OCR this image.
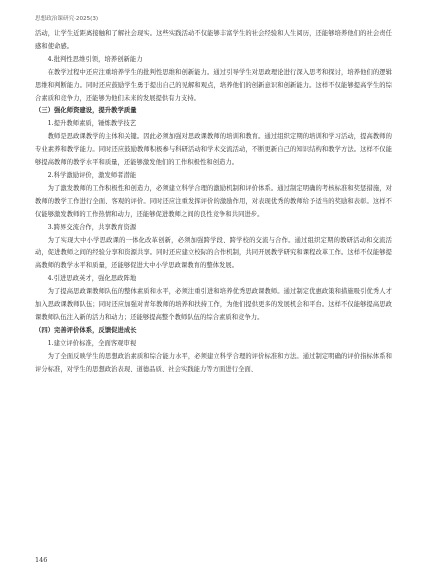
思想政治课研究·2025(3)

活动，让学生近距离接触和了解社会现实。这些实践活动不仅能够丰富学生的社会经验和人生阅历，还能够培养他们的社会责任感和使命感。

4.批判性思维引领，培养创新能力

在教学过程中还应注重培养学生的批判性思维和创新能力。通过引导学生对思政理论进行深入思考和探讨，培养他们的逻辑思维和判断能力。同时还应鼓励学生勇于提出自己的见解和观点，培养他们的创新意识和创新能力。这样不仅能够提高学生的综合素质和竞争力，还能够为他们未来的发展提供有力支持。

（三）强化师资建设，提升教学质量

1.提升教师素质，锤炼教学技艺

教师是思政课教学的主体和关键。因此必须加强对思政课教师的培训和教育。通过组织定期的培训和学习活动，提高教师的专业素养和教学能力。同时还应鼓励教师积极参与科研活动和学术交流活动，不断更新自己的知识结构和教学方法。这样不仅能够提高教师的教学水平和质量，还能够激发他们的工作积极性和创造力。

2.科学激励评价，激发师者潜能

为了激发教师的工作积极性和创造力，必须建立科学合理的激励机制和评价体系。通过制定明确的考核标准和奖惩措施，对教师的教学工作进行全面、客观的评价。同时还应注重发挥评价的激励作用，对表现优秀的教师给予适当的奖励和表彰。这样不仅能够激发教师的工作热情和动力，还能够促进教师之间的良性竞争和共同进步。

3.跨界交流合作，共享教育资源

为了实现大中小学思政课的一体化改革创新，必须加强跨学段、跨学校的交流与合作。通过组织定期的教研活动和交流活动，促进教师之间的经验分享和资源共享。同时还应建立校际的合作机制，共同开展教学研究和课程改革工作。这样不仅能够提高教师的教学水平和质量，还能够促进大中小学思政课教育的整体发展。

4.引进思政英才，强化思政阵地

为了提高思政课教师队伍的整体素质和水平，必须注重引进和培养优秀思政课教师。通过制定优惠政策和措施吸引优秀人才加入思政课教师队伍；同时还应加强对青年教师的培养和扶持工作，为他们提供更多的发展机会和平台。这样不仅能够提高思政课教师队伍注入新的活力和动力；还能够提高整个教师队伍的综合素质和竞争力。

（四）完善评价体系，反馈促进成长

1.建立评价标准，全面客观审视

为了全面反映学生的思想政治素质和综合能力水平，必须建立科学合理的评价标准和方法。通过制定明确的评价指标体系和评分标准，对学生的思想政治表现、道德品质、社会实践能力等方面进行全面、

146
